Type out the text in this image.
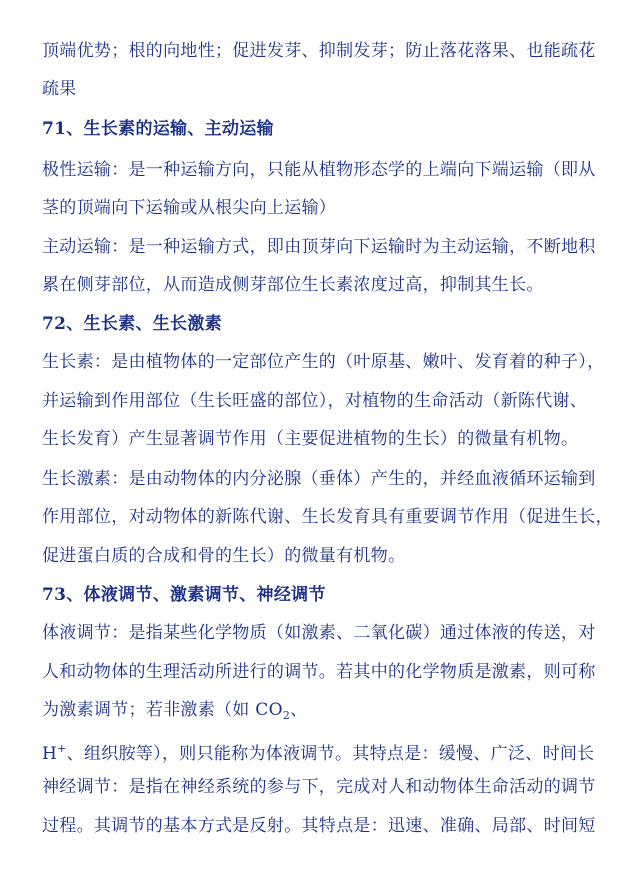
顶端优势；根的向地性；促进发芽、抑制发芽；防止落花落果、也能疏花
疏果
71、生长素的运输、主动运输
极性运输：是一种运输方向，只能从植物形态学的上端向下端运输（即从
茎的顶端向下运输或从根尖向上运输）
主动运输：是一种运输方式，即由顶芽向下运输时为主动运输，不断地积
累在侧芽部位，从而造成侧芽部位生长素浓度过高，抑制其生长。
72、生长素、生长激素
生长素：是由植物体的一定部位产生的（叶原基、嫩叶、发育着的种子），
并运输到作用部位（生长旺盛的部位），对植物的生命活动（新陈代谢、
生长发育）产生显著调节作用（主要促进植物的生长）的微量有机物。
生长激素：是由动物体的内分泌腺（垂体）产生的，并经血液循环运输到
作用部位，对动物体的新陈代谢、生长发育具有重要调节作用（促进生长，
促进蛋白质的合成和骨的生长）的微量有机物。
73、体液调节、激素调节、神经调节
体液调节：是指某些化学物质（如激素、二氧化碳）通过体液的传送，对
人和动物体的生理活动所进行的调节。若其中的化学物质是激素，则可称
为激素调节；若非激素（如 $CO_2$、
H+、组织胺等），则只能称为体液调节。其特点是：缓慢、广泛、时间长
神经调节：是指在神经系统的参与下，完成对人和动物体生命活动的调节
过程。其调节的基本方式是反射。其特点是：迅速、准确、局部、时间短
